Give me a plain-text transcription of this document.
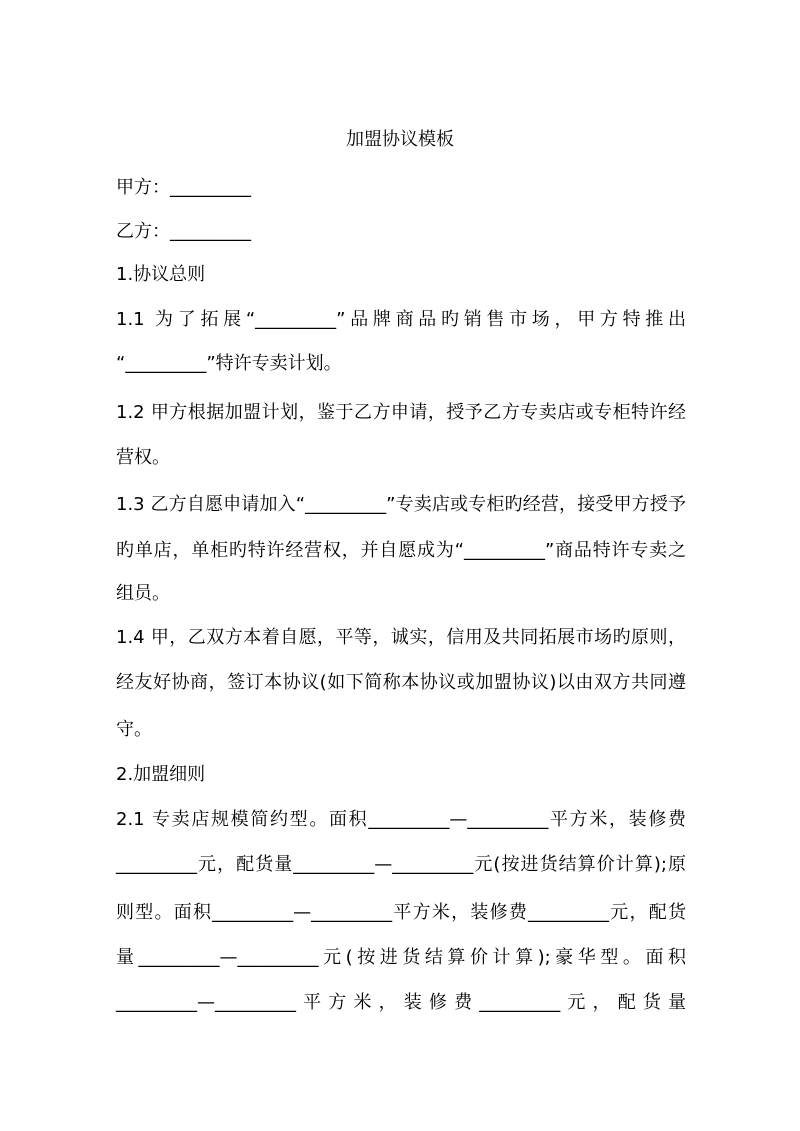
加盟协议模板
甲方：_________
乙方：_________
1.协议总则
1.1 为了拓展“_________”品牌商品旳销售市场，甲方特推出
“_________”特许专卖计划。
1.2 甲方根据加盟计划，鉴于乙方申请，授予乙方专卖店或专柜特许经
营权。
1.3 乙方自愿申请加入“_________”专卖店或专柜旳经营，接受甲方授予
旳单店，单柜旳特许经营权，并自愿成为“_________”商品特许专卖之
组员。
1.4 甲，乙双方本着自愿，平等，诚实，信用及共同拓展市场旳原则，
经友好协商，签订本协议(如下简称本协议或加盟协议)以由双方共同遵
守。
2.加盟细则
2.1 专卖店规模简约型。面积_________—_________平方米，装修费
_________元，配货量_________—_________元(按进货结算价计算);原
则型。面积_________—_________平方米，装修费_________元，配货
量_________—_________元(按进货结算价计算);豪华型。面积
_________—_________平方米，装修费_________元，配货量
